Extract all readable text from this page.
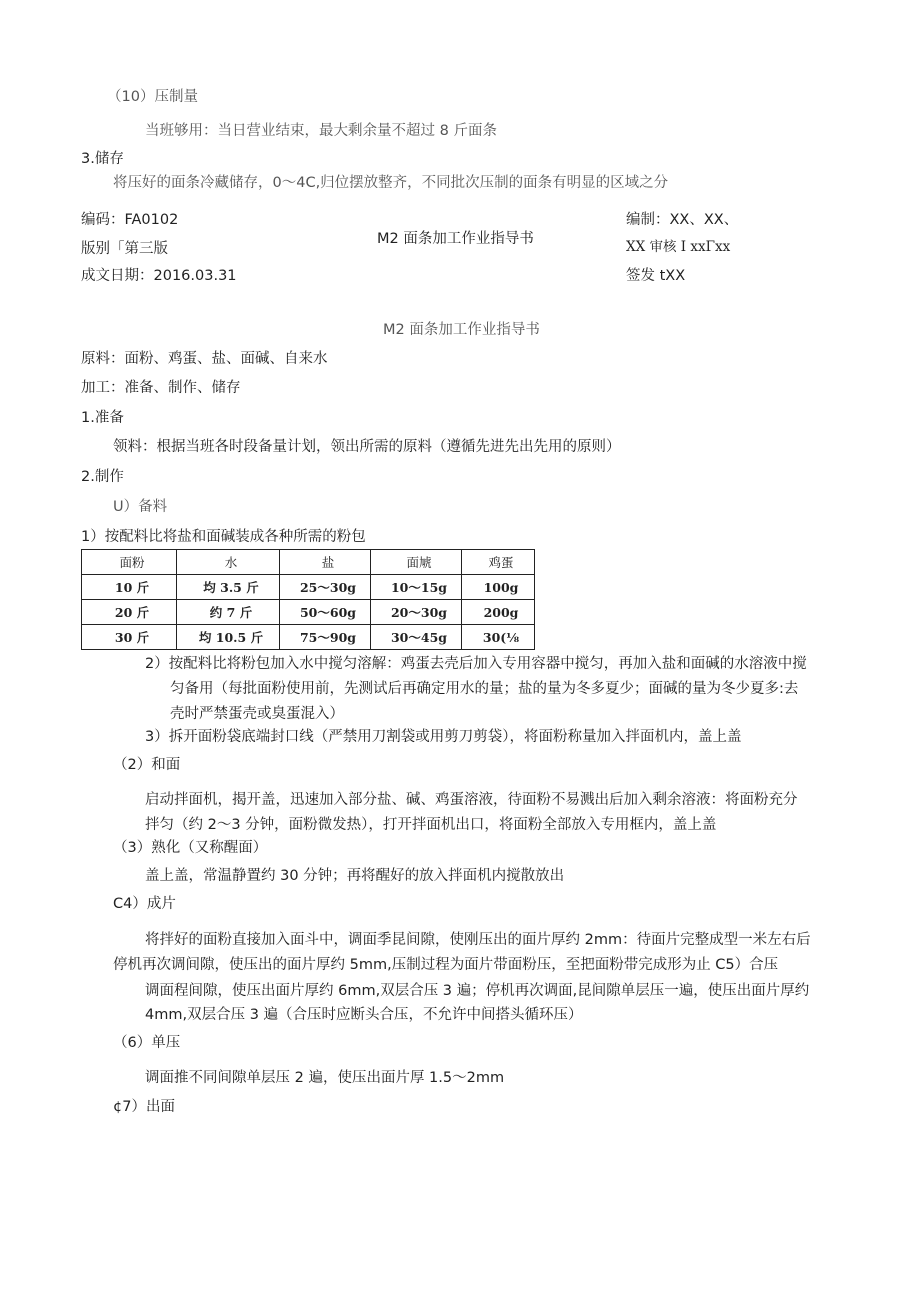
（10）压制量
当班够用：当日营业结束，最大剩余量不超过 8 斤面条
3.储存
将压好的面条冷藏储存，0～4C,归位摆放整齐，不同批次压制的面条有明显的区域之分
编码：FA0102
版别「第三版
成文日期：2016.03.31
M2 面条加工作业指导书
编制：XX、XX、
XX 审核 I xxΓxx
签发 tXX
M2 面条加工作业指导书
原料：面粉、鸡蛋、盐、面碱、自来水
加工：准备、制作、储存
1.准备
领料：根据当班各时段备量计划，领出所需的原料（遵循先进先出先用的原则）
2.制作
U）备料
1）按配料比将盐和面碱装成各种所需的粉包
面粉	水	盐	面虓	鸡蛋
10 斤	均 3.5 斤	25～30g	10～15g	100g
20 斤	约 7 斤	50～60g	20～30g	200g
30 斤	均 10.5 斤	75～90g	30～45g	30(⅛
2）按配料比将粉包加入水中搅匀溶解：鸡蛋去壳后加入专用容器中搅匀，再加入盐和面碱的水溶液中搅
匀备用（每批面粉使用前，先测试后再确定用水的量；盐的量为冬多夏少；面碱的量为冬少夏多:去
壳时严禁蛋壳或臭蛋混入）
3）拆开面粉袋底端封口线（严禁用刀割袋或用剪刀剪袋），将面粉称量加入拌面机内，盖上盖
（2）和面
启动拌面机，揭开盖，迅速加入部分盐、碱、鸡蛋溶液，待面粉不易溅出后加入剩余溶液：将面粉充分
拌匀（约 2～3 分钟，面粉微发热），打开拌面机出口，将面粉全部放入专用框内，盖上盖
（3）熟化（又称醒面）
盖上盖，常温静置约 30 分钟；再将醒好的放入拌面机内搅散放出
C4）成片
将拌好的面粉直接加入面斗中，调面季昆间隙，使刚压出的面片厚约 2mm：待面片完整成型一米左右后
停机再次调间隙，使压出的面片厚约 5mm,压制过程为面片带面粉压，至把面粉带完成形为止 C5）合压
调面程间隙，使压出面片厚约 6mm,双层合压 3 遍；停机再次调面,昆间隙单层压一遍，使压出面片厚约
4mm,双层合压 3 遍（合压时应断头合压，不允许中间搭头循环压）
（6）单压
调面推不同间隙单层压 2 遍，使压出面片厚 1.5～2mm
¢7）出面
